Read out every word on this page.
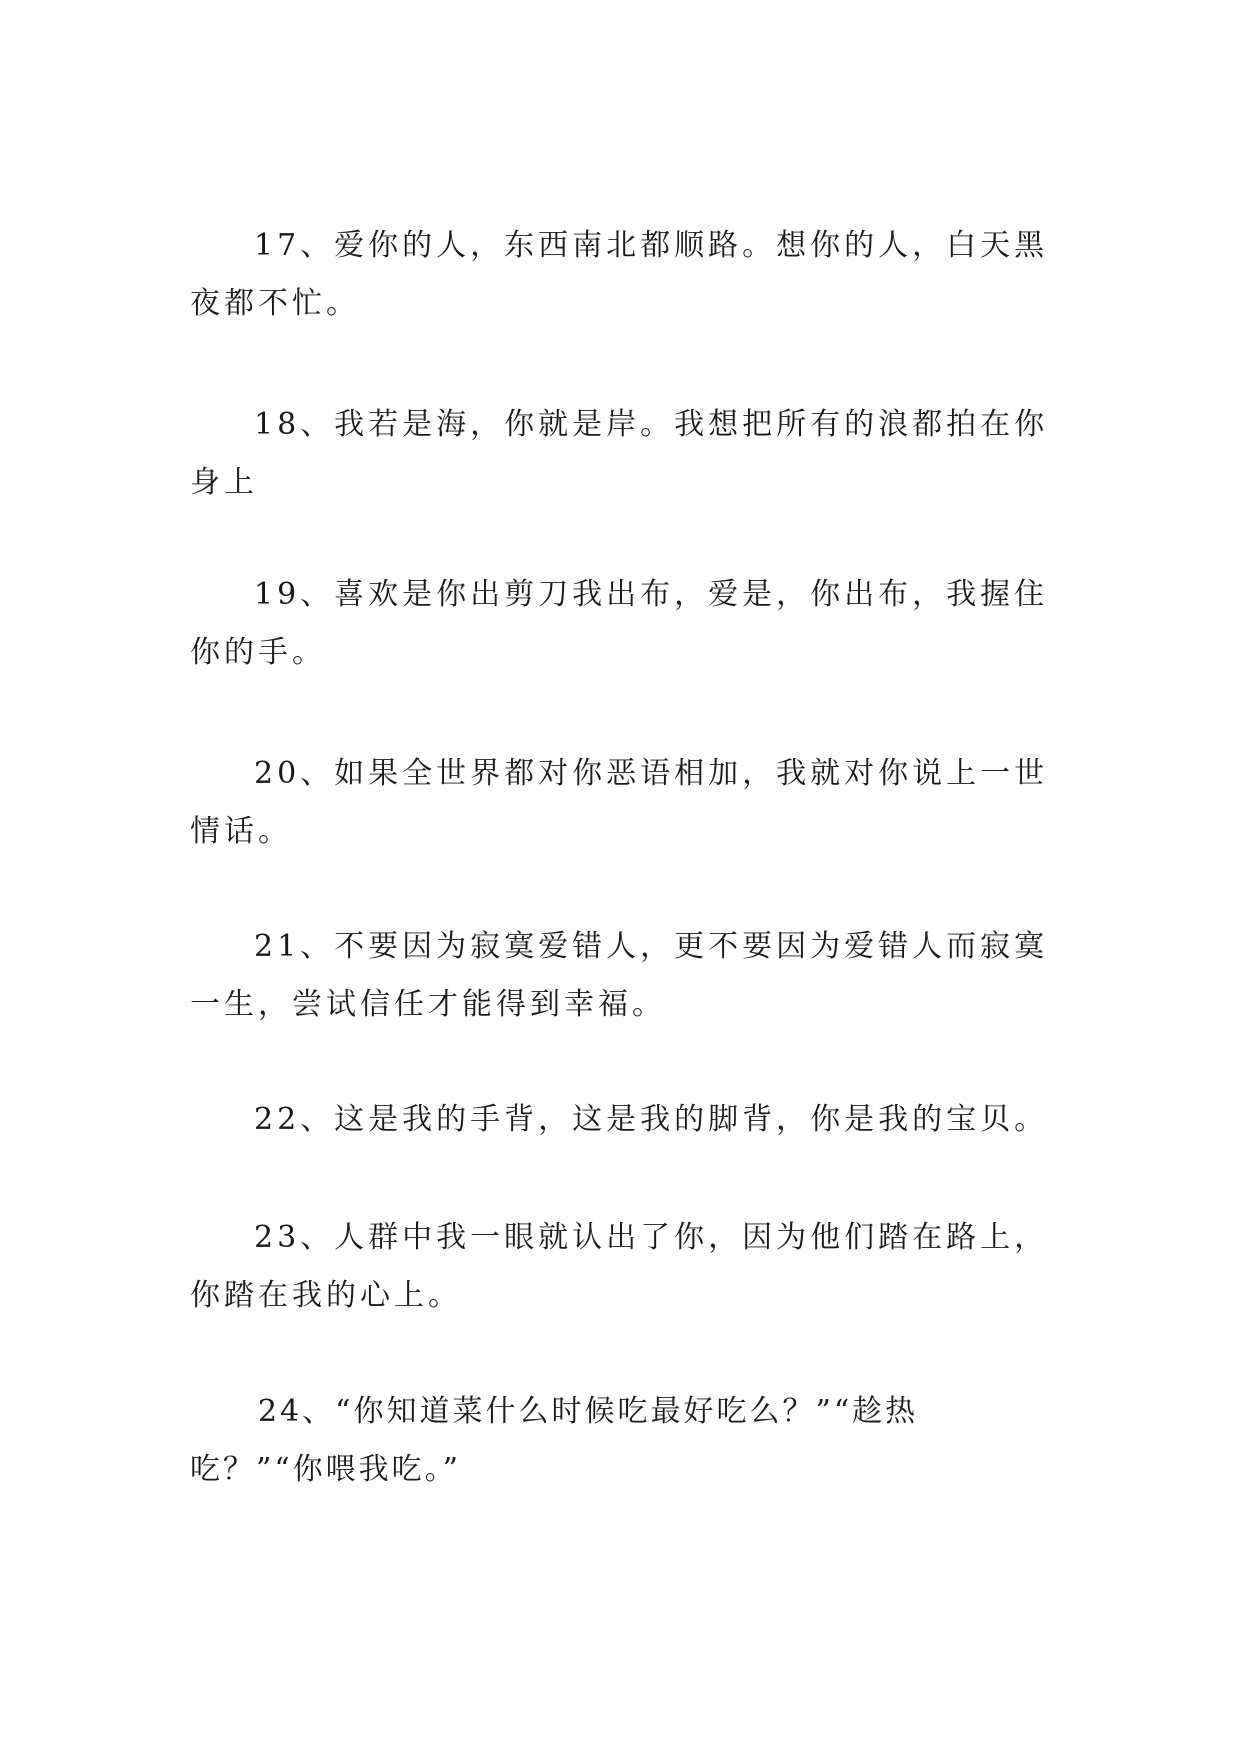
17、爱你的人，东西南北都顺路。想你的人，白天黑夜都不忙。

18、我若是海，你就是岸。我想把所有的浪都拍在你身上

19、喜欢是你出剪刀我出布，爱是，你出布，我握住你的手。

20、如果全世界都对你恶语相加，我就对你说上一世情话。

21、不要因为寂寞爱错人，更不要因为爱错人而寂寞一生，尝试信任才能得到幸福。

22、这是我的手背，这是我的脚背，你是我的宝贝。

23、人群中我一眼就认出了你，因为他们踏在路上，你踏在我的心上。

24、“你知道菜什么时候吃最好吃么？”“趁热吃？”“你喂我吃。”
